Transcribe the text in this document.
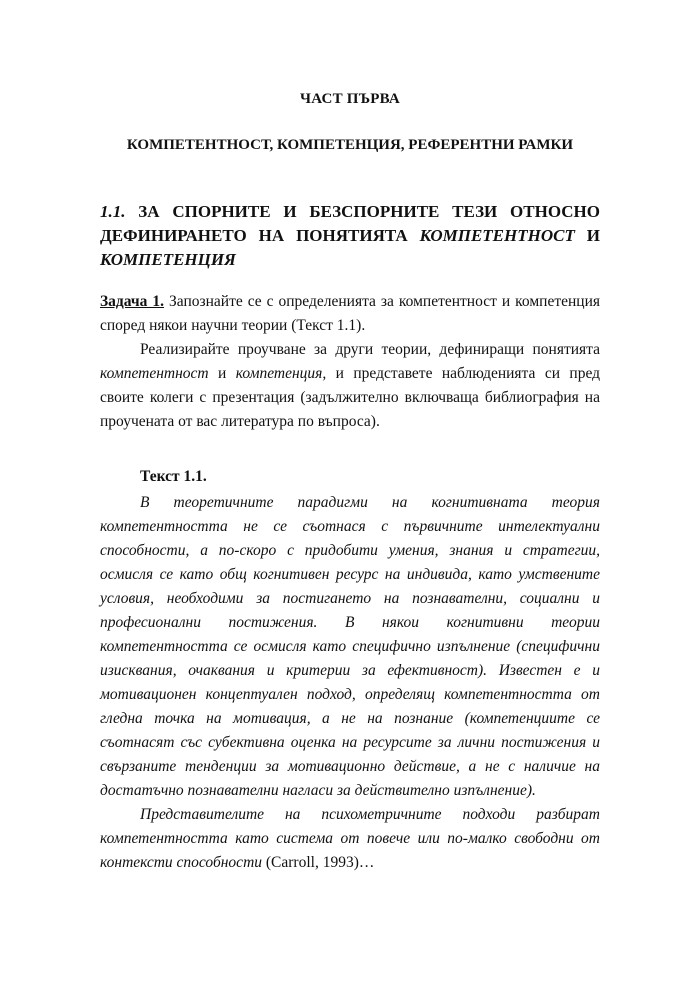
ЧАСТ ПЪРВА
КОМПЕТЕНТНОСТ, КОМПЕТЕНЦИЯ, РЕФЕРЕНТНИ РАМКИ
1.1. ЗА СПОРНИТЕ И БЕЗСПОРНИТЕ ТЕЗИ ОТНОСНО ДЕФИНИРАНЕТО НА ПОНЯТИЯТА КОМПЕТЕНТНОСТ И
КОМПЕТЕНЦИЯ

Задача 1. Запознайте се с определенията за компетентност и компетенция според някои научни теории (Текст 1.1).

Реализирайте проучване за други теории, дефиниращи понятията компетентност и компетенция, и представете наблюденията си пред своите колеги с презентация (задължително включваща библиография на проучената от вас литература по въпроса).

Текст 1.1.

В теоретичните парадигми на когнитивната теория компетентността не се съотнася с първичните интелектуални способности, а по-скоро с придобити умения, знания и стратегии, осмисля се като общ когнитивен ресурс на индивида, като умствените условия, необходими за постигането на познавателни, социални и професионални постижения. В някои когнитивни теории компетентността се осмисля като специфично изпълнение (специфични изисквания, очаквания и критерии за ефективност). Известен е и мотивационен концептуален подход, определящ компетентността от гледна точка на мотивация, а не на познание (компетенциите се съотнасят със субективна оценка на ресурсите за лични постижения и свързаните тенденции за мотивационно действие, а не с наличие на достатъчно познавателни нагласи за действително изпълнение).

Представителите на психометричните подходи разбират компетентността като система от повече или по-малко свободни от контексти способности (Carroll, 1993)…
